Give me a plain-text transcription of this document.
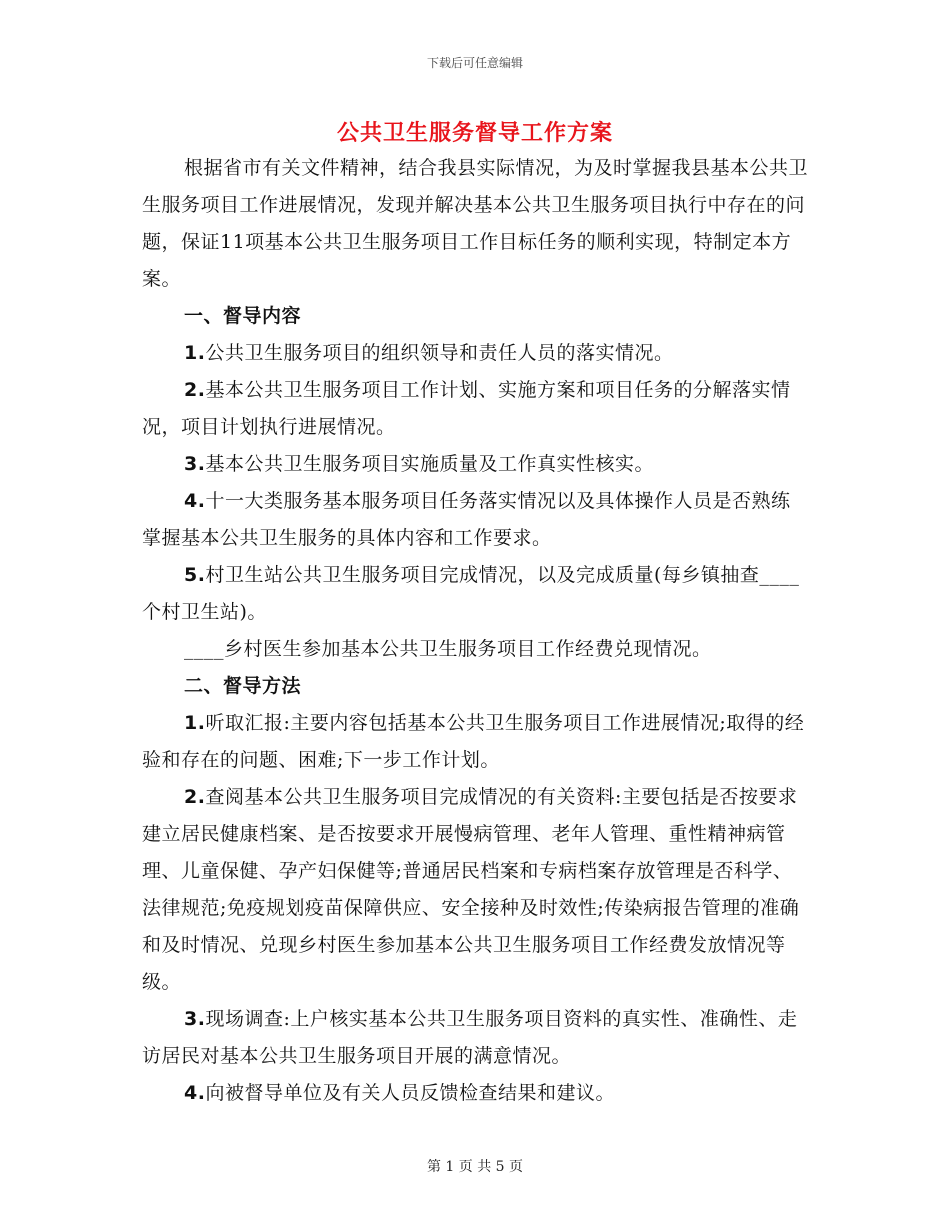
下载后可任意编辑
公共卫生服务督导工作方案

根据省市有关文件精神，结合我县实际情况，为及时掌握我县基本公共卫生服务项目工作进展情况，发现并解决基本公共卫生服务项目执行中存在的问题，保证11项基本公共卫生服务项目工作目标任务的顺利实现，特制定本方案。

一、督导内容

1.公共卫生服务项目的组织领导和责任人员的落实情况。

2.基本公共卫生服务项目工作计划、实施方案和项目任务的分解落实情况，项目计划执行进展情况。

3.基本公共卫生服务项目实施质量及工作真实性核实。

4.十一大类服务基本服务项目任务落实情况以及具体操作人员是否熟练掌握基本公共卫生服务的具体内容和工作要求。

5.村卫生站公共卫生服务项目完成情况，以及完成质量(每乡镇抽查____个村卫生站)。

____乡村医生参加基本公共卫生服务项目工作经费兑现情况。

二、督导方法

1.听取汇报:主要内容包括基本公共卫生服务项目工作进展情况;取得的经验和存在的问题、困难;下一步工作计划。

2.查阅基本公共卫生服务项目完成情况的有关资料:主要包括是否按要求建立居民健康档案、是否按要求开展慢病管理、老年人管理、重性精神病管理、儿童保健、孕产妇保健等;普通居民档案和专病档案存放管理是否科学、法律规范;免疫规划疫苗保障供应、安全接种及时效性;传染病报告管理的准确和及时情况、兑现乡村医生参加基本公共卫生服务项目工作经费发放情况等级。

3.现场调查:上户核实基本公共卫生服务项目资料的真实性、准确性、走访居民对基本公共卫生服务项目开展的满意情况。

4.向被督导单位及有关人员反馈检查结果和建议。

第 1 页 共 5 页
